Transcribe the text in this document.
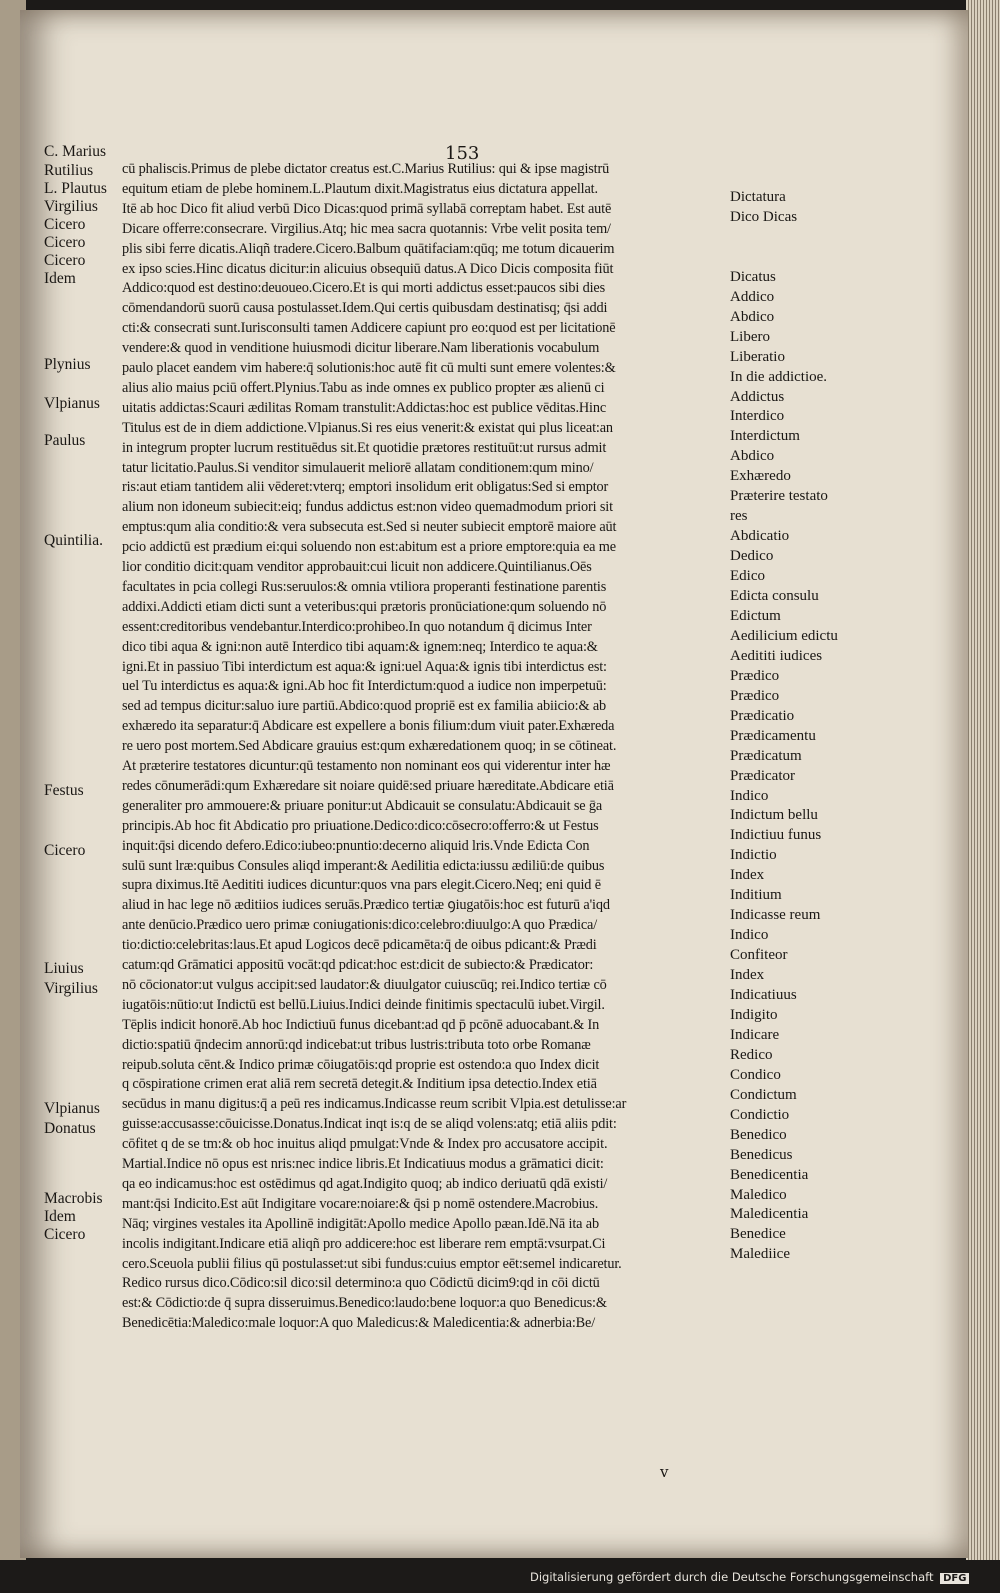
153
C. Marius
Rutilius
L. Plautus
Virgilius
Cicero
Cicero
Cicero
Idem
Plynius
Vlpianus
Paulus
Quintilia.
Festus
Cicero
Liuius
Virgilius
Vlpianus
Donatus
Macrobis
Idem
Cicero
Dictatura
Dico Dicas
Dicatus
Addico
Abdico
Libero
Liberatio
In die addictioe.
Addictus
Interdico
Interdictum
Abdico
Exhæredo
Præterire testato
res
Abdicatio
Dedico
Edico
Edicta consulu
Edictum
Aedilicium edictu
Aedititi iudices
Prædico
Prædico
Prædicatio
Prædicamentu
Prædicatum
Prædicator
Indico
Indictum bellu
Indictiuu funus
Indictio
Index
Inditium
Indicasse reum
Indico
Confiteor
Index
Indicatiuus
Indigito
Indicare
Redico
Condico
Condictum
Condictio
Benedico
Benedicus
Benedicentia
Maledico
Maledicentia
Benedice
Malediice
cū phaliscis.Primus de plebe dictator creatus est.C.Marius Rutilius: qui & ipse magistrū
equitum etiam de plebe hominem.L.Plautum dixit.Magistratus eius dictatura appellat.
Itē ab hoc Dico fit aliud verbū Dico Dicas:quod primā syllabā correptam habet. Est autē
Dicare offerre:consecrare. Virgilius.Atq; hic mea sacra quotannis: Vrbe velit posita tem/
plis sibi ferre dicatis.Aliqñ tradere.Cicero.Balbum quātifaciam:qūq; me totum dicauerim
ex ipso scies.Hinc dicatus dicitur:in alicuius obsequiū datus.A Dico Dicis composita fiūt
Addico:quod est destino:deuoueo.Cicero.Et is qui morti addictus esset:paucos sibi dies
cōmendandorū suorū causa postulasset.Idem.Qui certis quibusdam destinatisq; q̄si addi
cti:& consecrati sunt.Iurisconsulti tamen Addicere capiunt pro eo:quod est per licitationē
vendere:& quod in venditione huiusmodi dicitur liberare.Nam liberationis vocabulum
paulo placet eandem vim habere:q̄ solutionis:hoc autē fit cū multi sunt emere volentes:&
alius alio maius pciū offert.Plynius.Tabu as inde omnes ex publico propter æs alienū ci
uitatis addictas:Scauri ædilitas Romam transtulit:Addictas:hoc est publice vēditas.Hinc
Titulus est de in diem addictione.Vlpianus.Si res eius venerit:& existat qui plus liceat:an
in integrum propter lucrum restituēdus sit.Et quotidie prætores restituūt:ut rursus admit
tatur licitatio.Paulus.Si venditor simulauerit meliorē allatam conditionem:qum mino/
ris:aut etiam tantidem alii vēderet:vterq; emptori insolidum erit obligatus:Sed si emptor
alium non idoneum subiecit:eiq; fundus addictus est:non video quemadmodum priori sit
emptus:qum alia conditio:& vera subsecuta est.Sed si neuter subiecit emptorē maiore aūt
pcio addictū est prædium ei:qui soluendo non est:abitum est a priore emptore:quia ea me
lior conditio dicit:quam venditor approbauit:cui licuit non addicere.Quintilianus.Oēs
facultates in pcia collegi Rus:seruulos:& omnia vtiliora properanti festinatione parentis
addixi.Addicti etiam dicti sunt a veteribus:qui prætoris pronūciatione:qum soluendo nō
essent:creditoribus vendebantur.Interdico:prohibeo.In quo notandum q̄ dicimus Inter
dico tibi aqua & igni:non autē Interdico tibi aquam:& ignem:neq; Interdico te aqua:&
igni.Et in passiuo Tibi interdictum est aqua:& igni:uel Aqua:& ignis tibi interdictus est:
uel Tu interdictus es aqua:& igni.Ab hoc fit Interdictum:quod a iudice non imperpetuū:
sed ad tempus dicitur:saluo iure partiū.Abdico:quod propriē est ex familia abiicio:& ab
exhæredo ita separatur:q̄ Abdicare est expellere a bonis filium:dum viuit pater.Exhæreda
re uero post mortem.Sed Abdicare grauius est:qum exhæredationem quoq; in se cōtineat.
At præterire testatores dicuntur:qū testamento non nominant eos qui viderentur inter hæ
redes cōnumerādi:qum Exhæredare sit noiare quidē:sed priuare hæreditate.Abdicare etiā
generaliter pro ammouere:& priuare ponitur:ut Abdicauit se consulatu:Abdicauit se ḡa
principis.Ab hoc fit Abdicatio pro priuatione.Dedico:dico:cōsecro:offerro:& ut Festus
inquit:q̄si dicendo defero.Edico:iubeo:pnuntio:decerno aliquid lris.Vnde Edicta Con
sulū sunt lræ:quibus Consules aliqd imperant:& Aedilitia edicta:iussu ædiliū:de quibus
supra diximus.Itē Aedititi iudices dicuntur:quos vna pars elegit.Cicero.Neq; eni quid ē
aliud in hac lege nō æditiios iudices seruās.Prædico tertiæ ꝯiugatōis:hoc est futurū a'iqd
ante denūcio.Prædico uero primæ coniugationis:dico:celebro:diuulgo:A quo Prædica/
tio:dictio:celebritas:laus.Et apud Logicos decē pdicamēta:q̄ de oibus pdicant:& Prædi
catum:qd Grāmatici appositū vocāt:qd pdicat:hoc est:dicit de subiecto:& Prædicator:
nō cōcionator:ut vulgus accipit:sed laudator:& diuulgator cuiuscūq; rei.Indico tertiæ cō
iugatōis:nūtio:ut Indictū est bellū.Liuius.Indici deinde finitimis spectaculū iubet.Virgil.
Tēplis indicit honorē.Ab hoc Indictiuū funus dicebant:ad qd p̄ pcōnē aduocabant.& In
dictio:spatiū q̄ndecim annorū:qd indicebat:ut tribus lustris:tributa toto orbe Romanæ
reipub.soluta cēnt.& Indico primæ cōiugatōis:qd proprie est ostendo:a quo Index dicit
q cōspiratione crimen erat aliā rem secretā detegit.& Inditium ipsa detectio.Index etiā
secūdus in manu digitus:q̄ a peū res indicamus.Indicasse reum scribit Vlpia.est detulisse:ar
guisse:accusasse:cōuicisse.Donatus.Indicat inqt is:q de se aliqd volens:atq; etiā aliis pdit:
cōfitet q de se tm:& ob hoc inuitus aliqd pmulgat:Vnde & Index pro accusatore accipit.
Martial.Indice nō opus est nris:nec indice libris.Et Indicatiuus modus a grāmatici dicit:
qa eo indicamus:hoc est ostēdimus qd agat.Indigito quoq; ab indico deriuatū qdā existi/
mant:q̄si Indicito.Est aūt Indigitare vocare:noiare:& q̄si p nomē ostendere.Macrobius.
Nāq; virgines vestales ita Apollinē indigitāt:Apollo medice Apollo pæan.Idē.Nā ita ab
incolis indigitant.Indicare etiā aliqñ pro addicere:hoc est liberare rem emptā:vsurpat.Ci
cero.Sceuola publii filius qū postulasset:ut sibi fundus:cuius emptor eēt:semel indicaretur.
Redico rursus dico.Cōdico:sil dico:sil determino:a quo Cōdictū dicim9:qd in cōi dictū
est:& Cōdictio:de q̄ supra disseruimus.Benedico:laudo:bene loquor:a quo Benedicus:&
Benedicētia:Maledico:male loquor:A quo Maledicus:& Maledicentia:& adnerbia:Be/
v
Digitalisierung gefördert durch die Deutsche Forschungsgemeinschaft DFG
